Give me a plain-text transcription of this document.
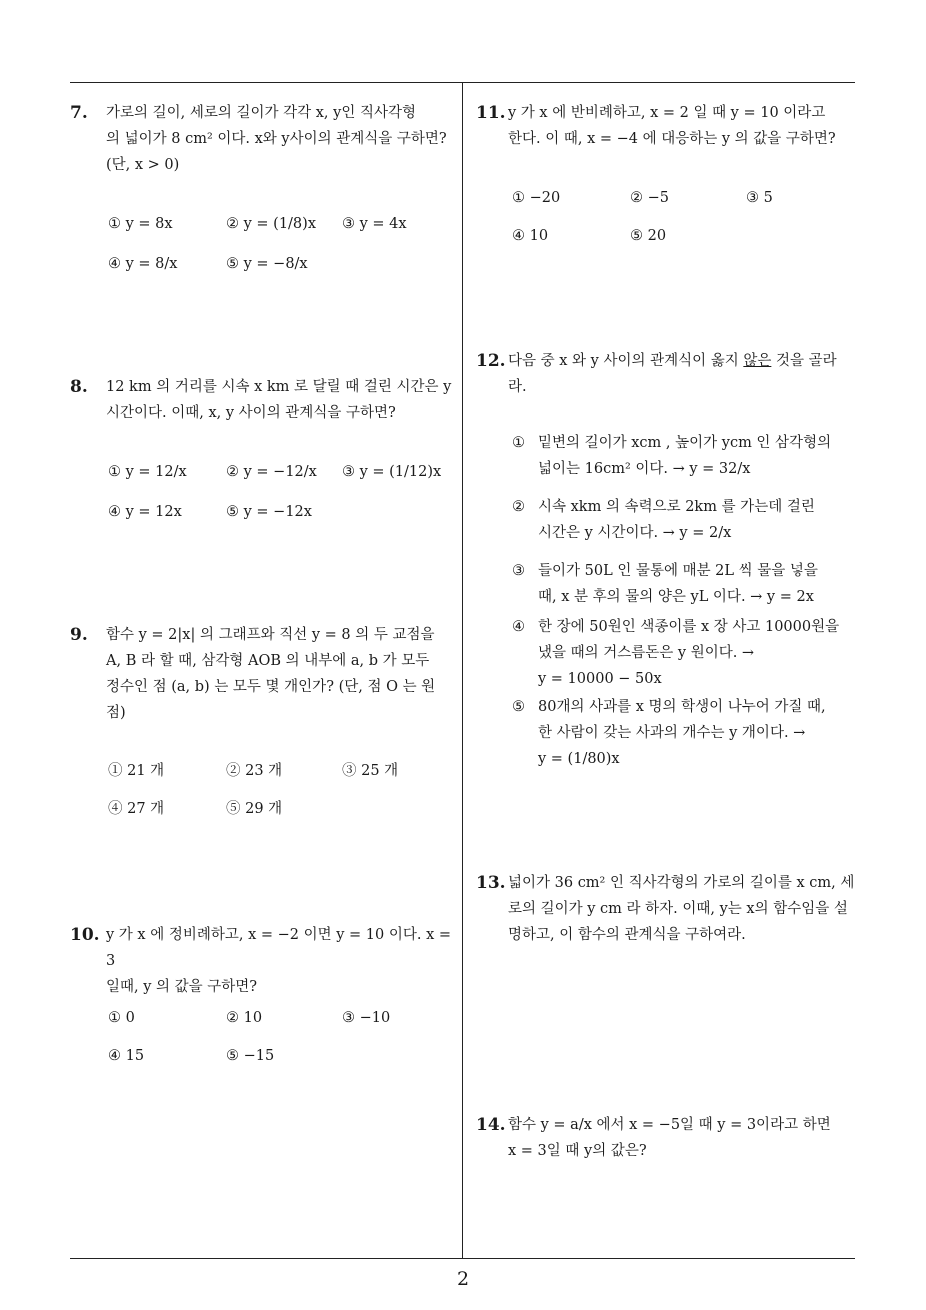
7. 가로의 길이, 세로의 길이가 각각 x, y인 직사각형
의 넓이가 8 cm² 이다. x와 y사이의 관계식을 구하면?
(단, x > 0)
① y = 8x	② y = (1/8)x ③ y = 4x
④ y = 8/x	⑤ y = −8/x
8. 12 km 의 거리를 시속 x km 로 달릴 때 걸린 시간은 y
시간이다. 이때, x, y 사이의 관계식을 구하면?
① y = 12/x	② y = −12/x ③ y = (1/12)x
④ y = 12x	⑤ y = −12x
9. 함수 y = 2|x| 의 그래프와 직선 y = 8 의 두 교점을
A, B 라 할 때, 삼각형 AOB 의 내부에 a, b 가 모두
정수인 점 (a, b) 는 모두 몇 개인가? (단, 점 O 는 원
점)
① 21 개	② 23 개	③ 25 개
④ 27 개	⑤ 29 개
10. y 가 x 에 정비례하고, x = −2 이면 y = 10 이다. x = 3
일때, y 의 값을 구하면?
① 0	② 10	③ −10
④ 15	⑤ −15
11. y 가 x 에 반비례하고, x = 2 일 때 y = 10 이라고
한다. 이 때, x = −4 에 대응하는 y 의 값을 구하면?
① −20	② −5	③ 5
④ 10	⑤ 20
12. 다음 중 x 와 y 사이의 관계식이 옳지 않은 것을 골라
라.
① 밑변의 길이가 xcm , 높이가 ycm 인 삼각형의
넓이는 16cm² 이다. → y = 32/x
② 시속 xkm 의 속력으로 2km 를 가는데 걸린
시간은 y 시간이다. → y = 2/x
③ 들이가 50L 인 물통에 매분 2L 씩 물을 넣을
때, x 분 후의 물의 양은 yL 이다. → y = 2x
④ 한 장에 50원인 색종이를 x 장 사고 10000원을
냈을 때의 거스름돈은 y 원이다. →
y = 10000 − 50x
⑤ 80개의 사과를 x 명의 학생이 나누어 가질 때,
한 사람이 갖는 사과의 개수는 y 개이다. →
y = (1/80)x
13. 넓이가 36 cm² 인 직사각형의 가로의 길이를 x cm, 세
로의 길이가 y cm 라 하자. 이때, y는 x의 함수임을 설
명하고, 이 함수의 관계식을 구하여라.
14. 함수 y = a/x 에서 x = −5일 때 y = 3이라고 하면
x = 3일 때 y의 값은?
2
